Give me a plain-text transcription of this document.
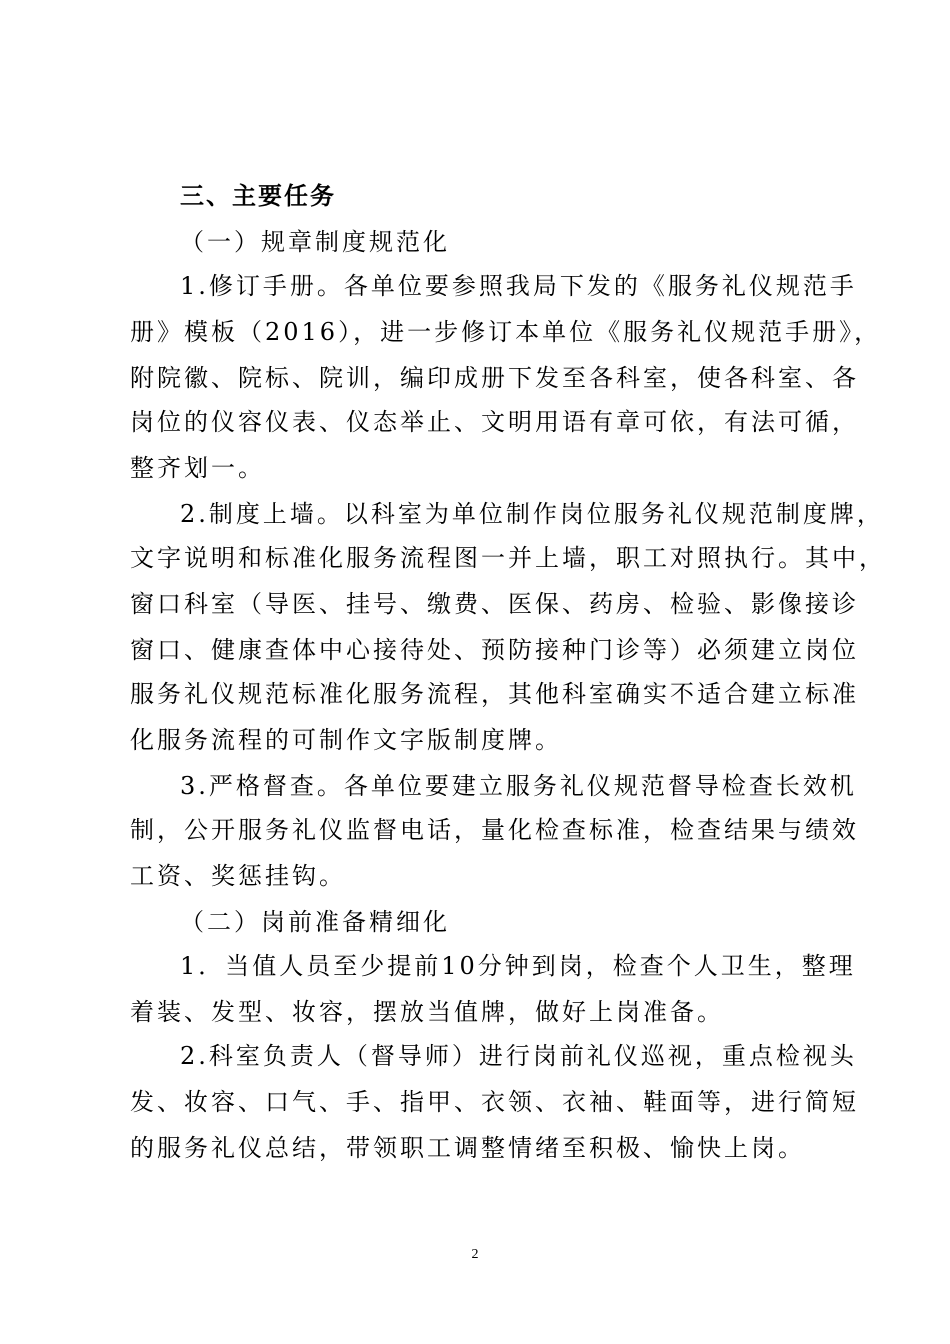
三、主要任务
（一）规章制度规范化
1.修订手册。各单位要参照我局下发的《服务礼仪规范手
册》模板（2016），进一步修订本单位《服务礼仪规范手册》，
附院徽、院标、院训，编印成册下发至各科室，使各科室、各
岗位的仪容仪表、仪态举止、文明用语有章可依，有法可循，
整齐划一。
2.制度上墙。以科室为单位制作岗位服务礼仪规范制度牌，
文字说明和标准化服务流程图一并上墙，职工对照执行。其中，
窗口科室（导医、挂号、缴费、医保、药房、检验、影像接诊
窗口、健康查体中心接待处、预防接种门诊等）必须建立岗位
服务礼仪规范标准化服务流程，其他科室确实不适合建立标准
化服务流程的可制作文字版制度牌。
3.严格督查。各单位要建立服务礼仪规范督导检查长效机
制，公开服务礼仪监督电话，量化检查标准，检查结果与绩效
工资、奖惩挂钩。
（二）岗前准备精细化
1．当值人员至少提前10分钟到岗，检查个人卫生，整理
着装、发型、妆容，摆放当值牌，做好上岗准备。
2.科室负责人（督导师）进行岗前礼仪巡视，重点检视头
发、妆容、口气、手、指甲、衣领、衣袖、鞋面等，进行简短
的服务礼仪总结，带领职工调整情绪至积极、愉快上岗。
2
